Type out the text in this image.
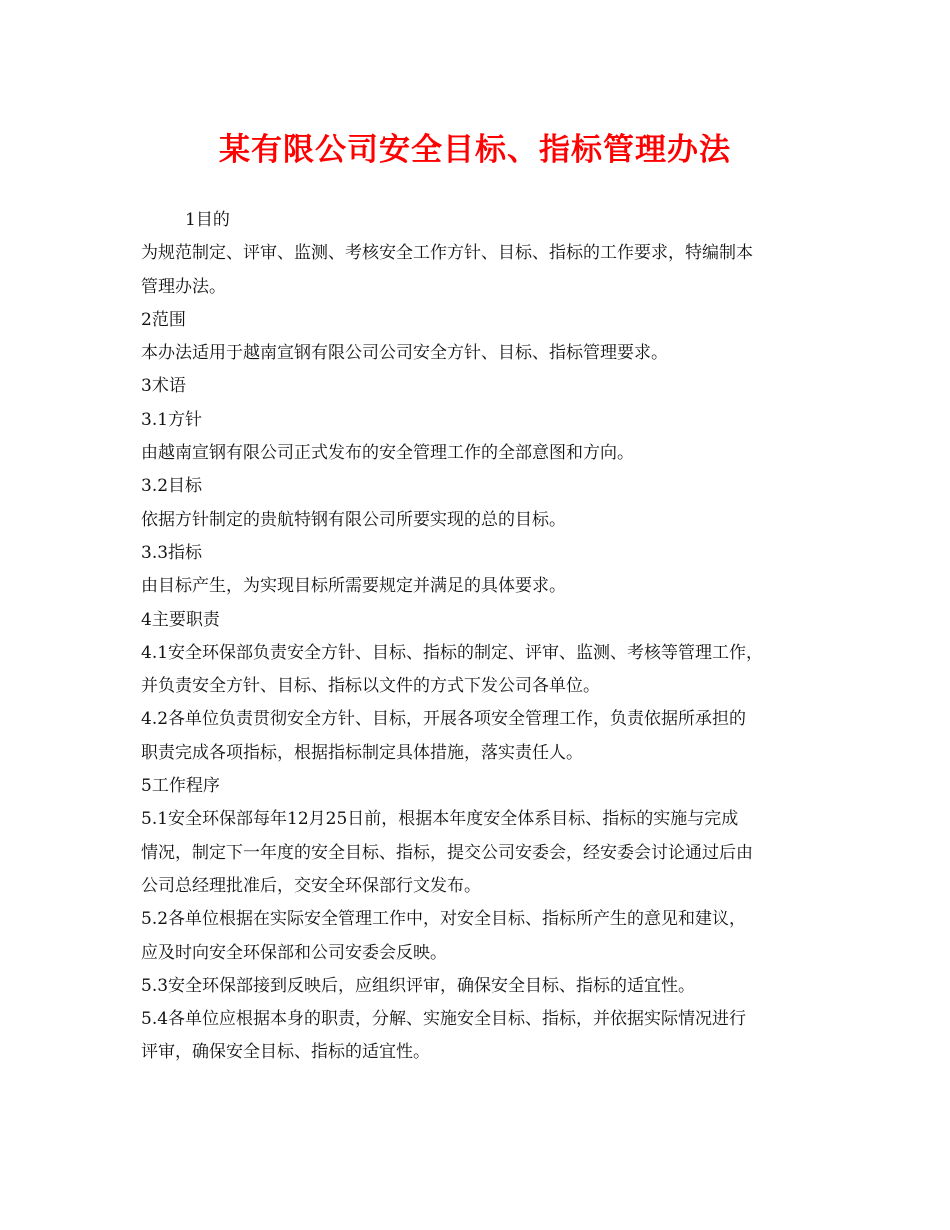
某有限公司安全目标、指标管理办法
1目的
为规范制定、评审、监测、考核安全工作方针、目标、指标的工作要求，特编制本
管理办法。
2范围
本办法适用于越南宣钢有限公司公司安全方针、目标、指标管理要求。
3术语
3.1方针
由越南宣钢有限公司正式发布的安全管理工作的全部意图和方向。
3.2目标
依据方针制定的贵航特钢有限公司所要实现的总的目标。
3.3指标
由目标产生，为实现目标所需要规定并满足的具体要求。
4主要职责
4.1安全环保部负责安全方针、目标、指标的制定、评审、监测、考核等管理工作，
并负责安全方针、目标、指标以文件的方式下发公司各单位。
4.2各单位负责贯彻安全方针、目标，开展各项安全管理工作，负责依据所承担的
职责完成各项指标，根据指标制定具体措施，落实责任人。
5工作程序
5.1安全环保部每年12月25日前，根据本年度安全体系目标、指标的实施与完成
情况，制定下一年度的安全目标、指标，提交公司安委会，经安委会讨论通过后由
公司总经理批准后，交安全环保部行文发布。
5.2各单位根据在实际安全管理工作中，对安全目标、指标所产生的意见和建议，
应及时向安全环保部和公司安委会反映。
5.3安全环保部接到反映后，应组织评审，确保安全目标、指标的适宜性。
5.4各单位应根据本身的职责，分解、实施安全目标、指标，并依据实际情况进行
评审，确保安全目标、指标的适宜性。
